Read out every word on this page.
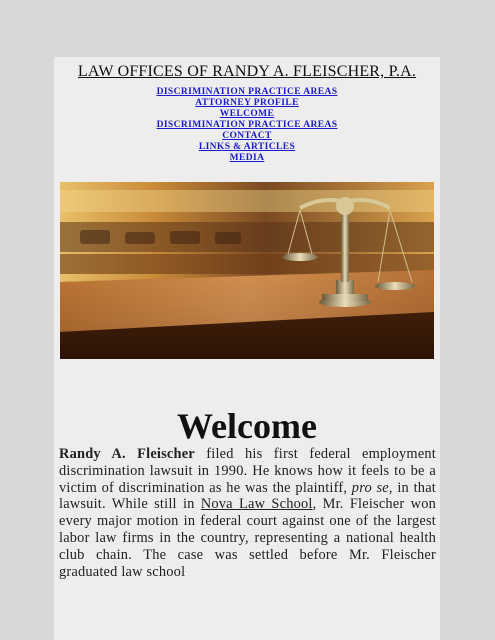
LAW OFFICES OF RANDY A. FLEISCHER, P.A.
DISCRIMINATION PRACTICE AREAS
ATTORNEY PROFILE
WELCOME
DISCRIMINATION PRACTICE AREAS
CONTACT
LINKS & ARTICLES
MEDIA
Welcome

Randy A. Fleischer filed his first federal employment discrimination lawsuit in 1990. He knows how it feels to be a victim of discrimination as he was the plaintiff, pro se, in that lawsuit. While still in Nova Law School, Mr. Fleischer won every major motion in federal court against one of the largest labor law firms in the country, representing a national health club chain. The case was settled before Mr. Fleischer graduated law school
